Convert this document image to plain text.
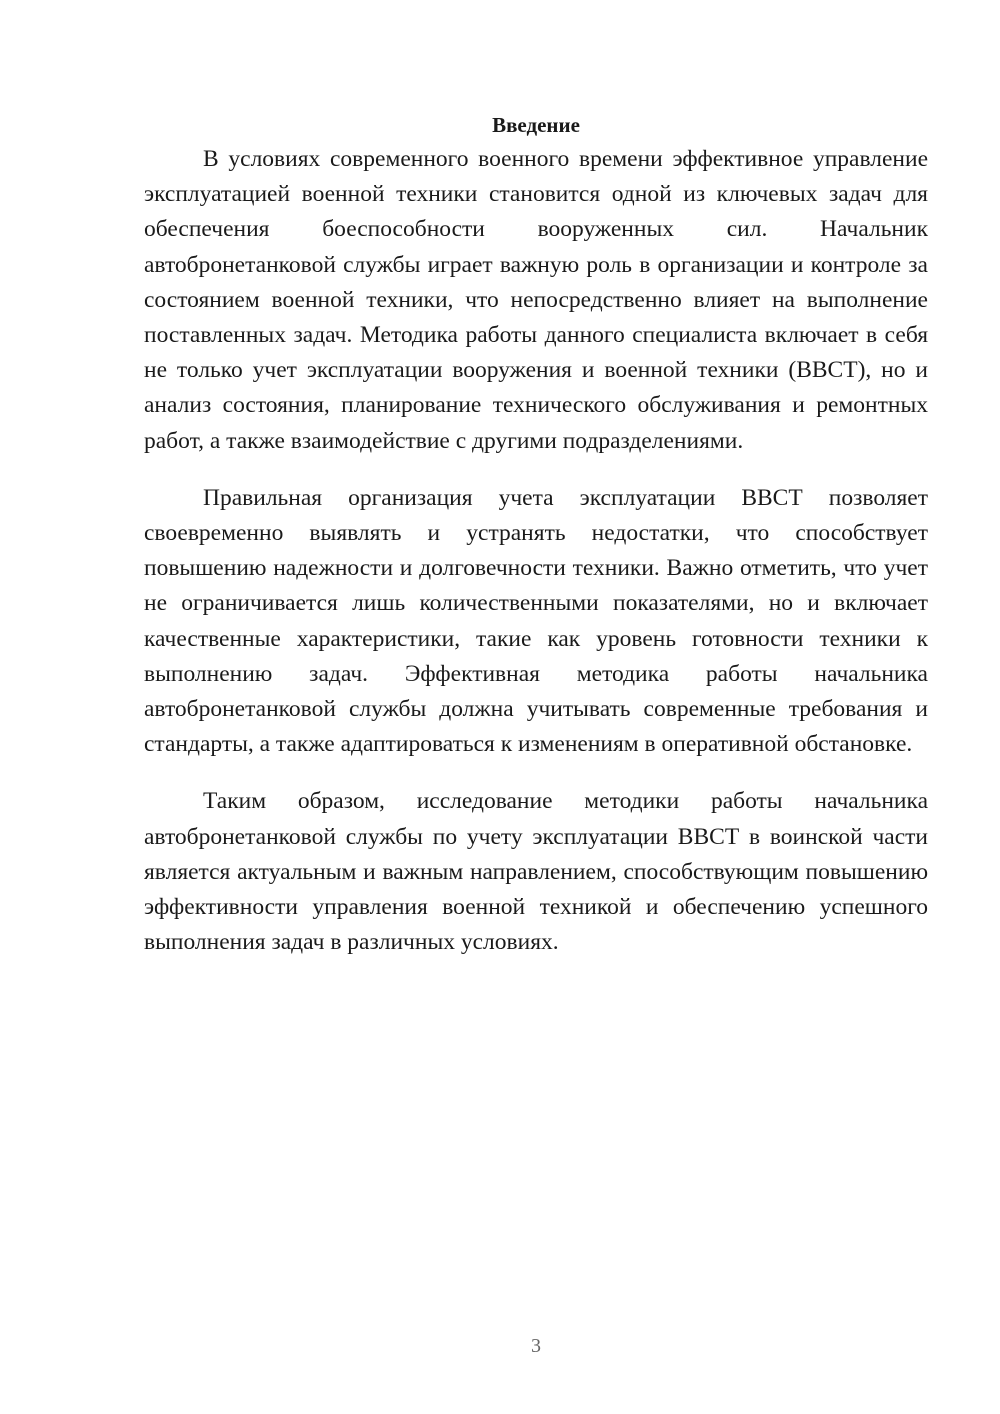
Введение

В условиях современного военного времени эффективное управление эксплуатацией военной техники становится одной из ключевых задач для обеспечения боеспособности вооруженных сил. Начальник автобронетанковой службы играет важную роль в организации и контроле за состоянием военной техники, что непосредственно влияет на выполнение поставленных задач. Методика работы данного специалиста включает в себя не только учет эксплуатации вооружения и военной техники (ВВСТ), но и анализ состояния, планирование технического обслуживания и ремонтных работ, а также взаимодействие с другими подразделениями.

Правильная организация учета эксплуатации ВВСТ позволяет своевременно выявлять и устранять недостатки, что способствует повышению надежности и долговечности техники. Важно отметить, что учет не ограничивается лишь количественными показателями, но и включает качественные характеристики, такие как уровень готовности техники к выполнению задач. Эффективная методика работы начальника автобронетанковой службы должна учитывать современные требования и стандарты, а также адаптироваться к изменениям в оперативной обстановке.

Таким образом, исследование методики работы начальника автобронетанковой службы по учету эксплуатации ВВСТ в воинской части является актуальным и важным направлением, способствующим повышению эффективности управления военной техникой и обеспечению успешного выполнения задач в различных условиях.

3
